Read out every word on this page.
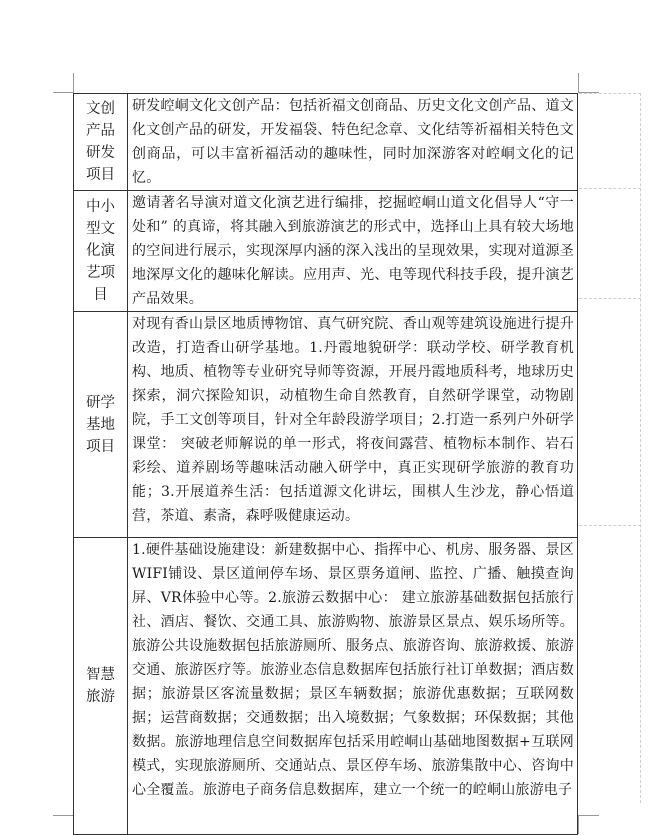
文创产品研发项目	研发崆峒文化文创产品：包括祈福文创商品、历史文化文创产品、道文化文创产品的研发，开发福袋、特色纪念章、文化结等祈福相关特色文创商品，可以丰富祈福活动的趣味性，同时加深游客对崆峒文化的记忆。

中小型文化演艺项目	邀请著名导演对道文化演艺进行编排，挖掘崆峒山道文化倡导人“守一处和” 的真谛，将其融入到旅游演艺的形式中，选择山上具有较大场地的空间进行展示，实现深厚内涵的深入浅出的呈现效果，实现对道源圣地深厚文化的趣味化解读。应用声、光、电等现代科技手段，提升演艺产品效果。

研学基地项目	对现有香山景区地质博物馆、真气研究院、香山观等建筑设施进行提升改造，打造香山研学基地。1.丹霞地貌研学：联动学校、研学教育机构、地质、植物等专业研究导师等资源，开展丹霞地质科考，地球历史探索，洞穴探险知识，动植物生命自然教育，自然研学课堂，动物剧院，手工文创等项目，针对全年龄段游学项目；2.打造一系列户外研学课堂： 突破老师解说的单一形式，将夜间露营、植物标本制作、岩石彩绘、道养剧场等趣味活动融入研学中，真正实现研学旅游的教育功能；3.开展道养生活：包括道源文化讲坛，围棋人生沙龙，静心悟道营，茶道、素斋，森呼吸健康运动。

智慧旅游	1.硬件基础设施建设：新建数据中心、指挥中心、机房、服务器、景区WIFI铺设、景区道闸停车场、景区票务道闸、监控、广播、触摸查询屏、VR体验中心等。2.旅游云数据中心： 建立旅游基础数据包括旅行社、酒店、餐饮、交通工具、旅游购物、旅游景区景点、娱乐场所等。旅游公共设施数据包括旅游厕所、服务点、旅游咨询、旅游救援、旅游交通、旅游医疗等。旅游业态信息数据库包括旅行社订单数据；酒店数据；旅游景区客流量数据；景区车辆数据；旅游优惠数据；互联网数据；运营商数据；交通数据；出入境数据；气象数据；环保数据；其他数据。旅游地理信息空间数据库包括采用崆峒山基础地图数据+互联网模式，实现旅游厕所、交通站点、景区停车场、旅游集散中心、咨询中心全覆盖。旅游电子商务信息数据库，建立一个统一的崆峒山旅游电子
